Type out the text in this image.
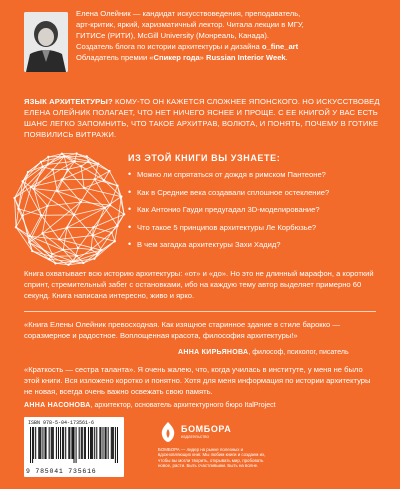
Елена Олейник — кандидат искусствоведения, преподаватель,
арт-критик, яркий, харизматичный лектор. Читала лекции в МГУ,
ГИТИСе (РИТИ), McGill University (Монреаль, Канада).
Создатель блога по истории архитектуры и дизайна o_fine_art
Обладатель премии «Спикер года» Russian Interior Week.
ЯЗЫК АРХИТЕКТУРЫ? КОМУ-ТО ОН КАЖЕТСЯ СЛОЖНЕЕ ЯПОНСКОГО. НО ИСКУССТВОВЕД ЕЛЕНА ОЛЕЙНИК ПОЛАГАЕТ, ЧТО НЕТ НИЧЕГО ЯСНЕЕ И ПРОЩЕ. С ЕЕ КНИГОЙ У ВАС ЕСТЬ ШАНС ЛЕГКО ЗАПОМНИТЬ, ЧТО ТАКОЕ АРХИТРАВ, ВОЛЮТА, И ПОНЯТЬ, ПОЧЕМУ В ГОТИКЕ ПОЯВИЛИСЬ ВИТРАЖИ.
ИЗ ЭТОЙ КНИГИ ВЫ УЗНАЕТЕ:
• Можно ли спрятаться от дождя в римском Пантеоне?
• Как в Средние века создавали сплошное остекление?
• Как Антонио Гауди предугадал 3D-моделирование?
• Что такое 5 принципов архитектуры Ле Корбюзье?
• В чем загадка архитектуры Захи Хадид?
Книга охватывает всю историю архитектуры: «от» и «до». Но это не длинный марафон, а короткий спринт, стремительный забег с остановками, ибо на каждую тему автор выделяет примерно 60 секунд. Книга написана интересно, живо и ярко.
«Книга Елены Олейник превосходная. Как изящное старинное здание в стиле барокко — соразмерное и радостное. Воплощенная красота, философия архитектуры!»
АННА КИРЬЯНОВА, философ, психолог, писатель
«Краткость — сестра таланта». Я очень жалею, что, когда училась в институте, у меня не было этой книги. Вся изложено коротко и понятно. Хотя для меня информация по истории архитектуры не новая, всегда очень важно освежать свою память.
АННА НАСОНОВА, архитектор, основатель архитектурного бюро ItalProject
ISBN 978-5-04-173561-6
9 785041 735616
БОМБОРА
издательство
БОМБОРА — лидер на рынке полезных и вдохновляющих книг. Мы любим книги и создаем их, чтобы вы могли творить, открывать мир, пробовать новое, расти. Быть счастливыми. Быть на волне.
